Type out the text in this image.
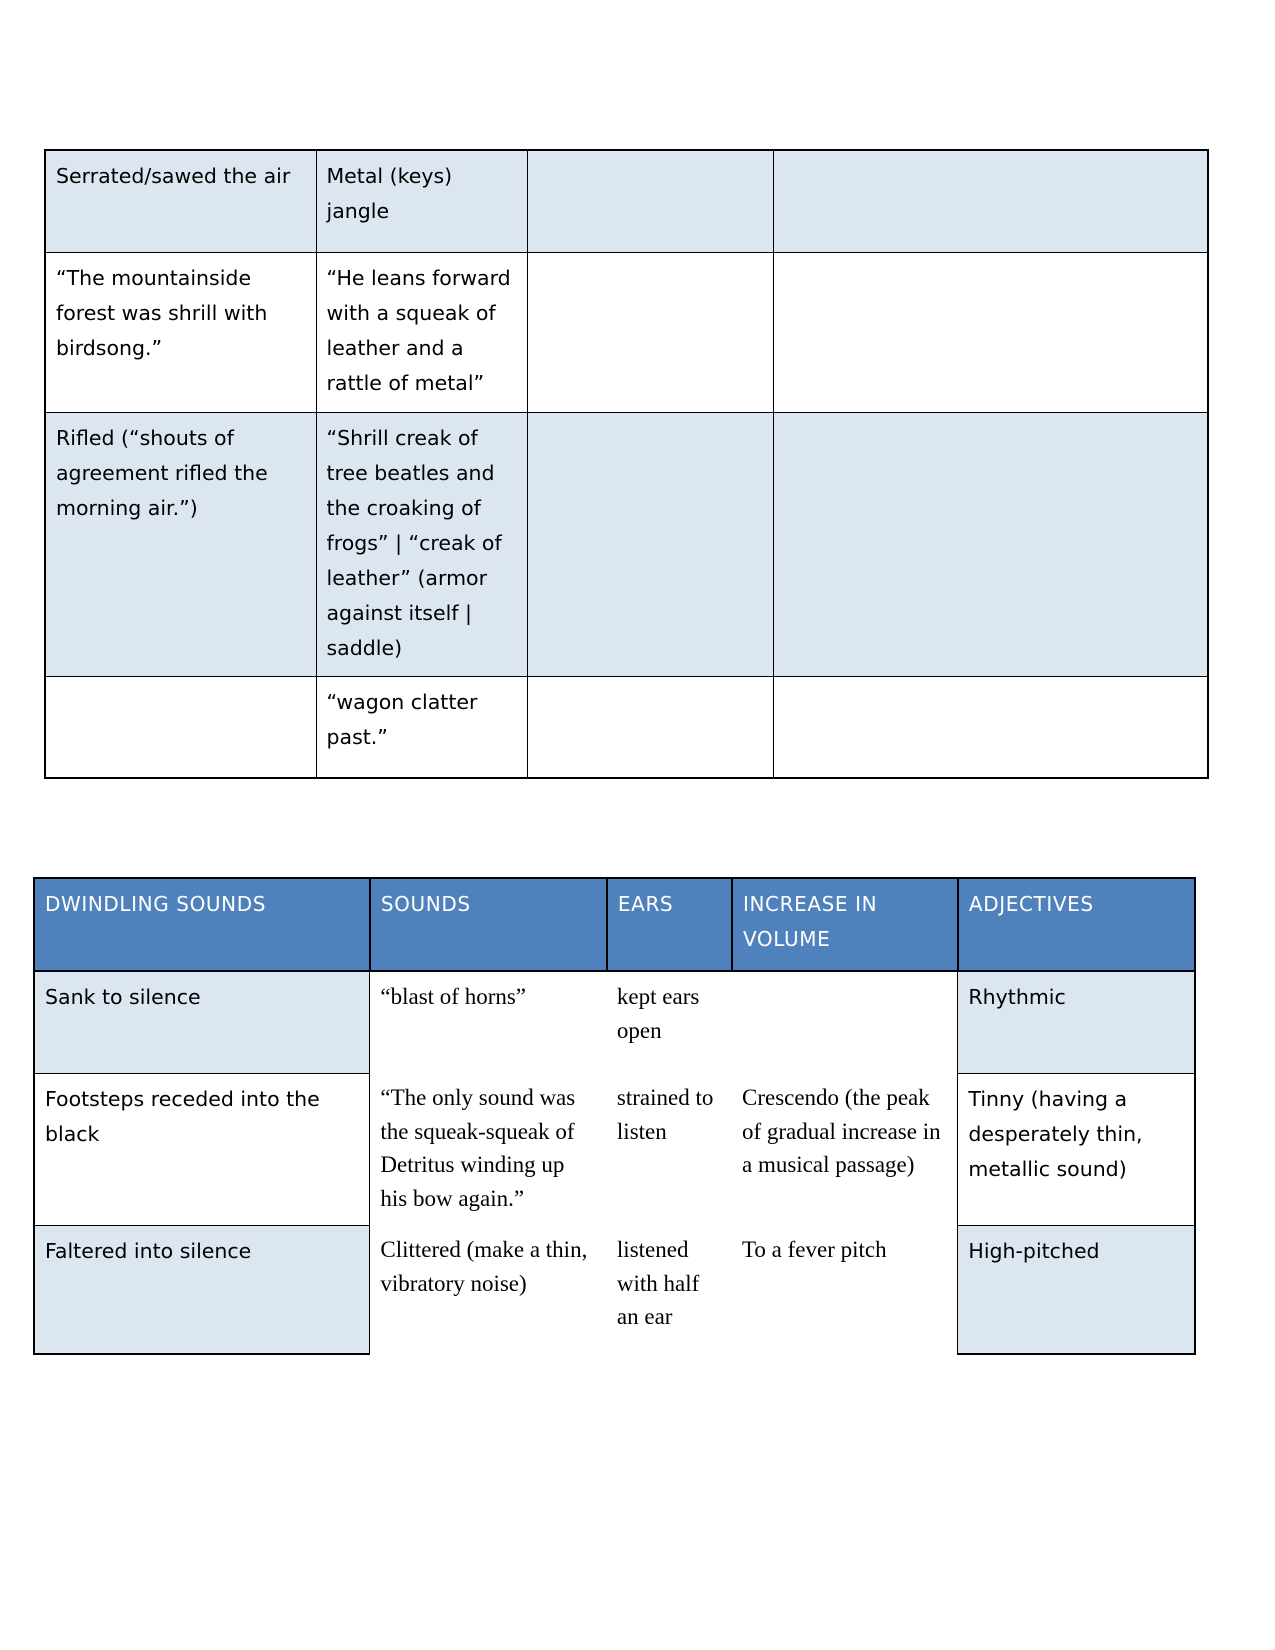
Serrated/sawed the air	Metal (keys) jangle		
“The mountainside forest was shrill with birdsong.”	“He leans forward with a squeak of leather and a rattle of metal”		
Rifled (“shouts of agreement rifled the morning air.”)	“Shrill creak of tree beatles and the croaking of frogs” | “creak of leather” (armor against itself | saddle)		
	“wagon clatter past.”		
DWINDLING SOUNDS	SOUNDS	EARS	INCREASE IN VOLUME	ADJECTIVES
Sank to silence	“blast of horns”	kept ears open		Rhythmic
Footsteps receded into the black	“The only sound was the squeak-squeak of Detritus winding up his bow again.”	strained to listen	Crescendo (the peak of gradual increase in a musical passage)	Tinny (having a desperately thin, metallic sound)
Faltered into silence	Clittered (make a thin, vibratory noise)	listened with half an ear	To a fever pitch	High-pitched
